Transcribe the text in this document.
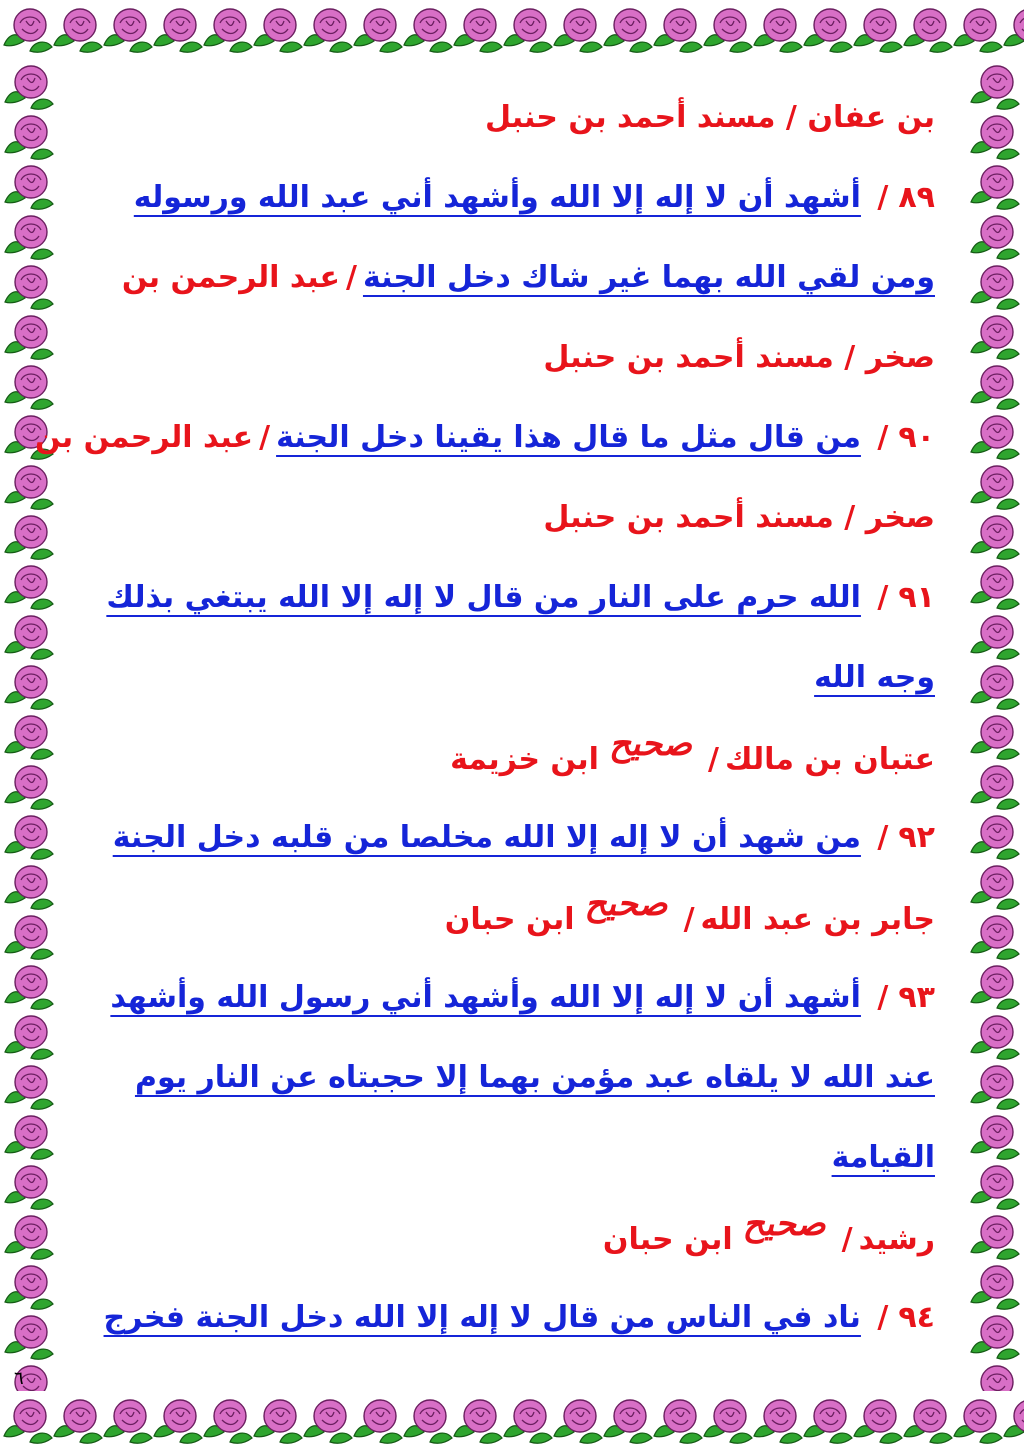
بن عفان / مسند أحمد بن حنبل
٨٩/ أشهد أن لا إله إلا الله وأشهد أني عبد الله ورسوله
ومن لقي الله بهما غير شاك دخل الجنة/عبد الرحمن بن
صخر / مسند أحمد بن حنبل
٩٠/ من قال مثل ما قال هذا يقينا دخل الجنة/عبد الرحمن بن
صخر / مسند أحمد بن حنبل
٩١/ الله حرم على النار من قال لا إله إلا الله يبتغي بذلك
وجه الله
عتبان بن مالك/صحيحابن خزيمة
٩٢/ من شهد أن لا إله إلا الله مخلصا من قلبه دخل الجنة
جابر بن عبد الله/صحيحابن حبان
٩٣/ أشهد أن لا إله إلا الله وأشهد أني رسول الله وأشهد
عند الله لا يلقاه عبد مؤمن بهما إلا حجبتاه عن النار يوم
القيامة
رشيد/صحيحابن حبان
٩٤/ ناد في الناس من قال لا إله إلا الله دخل الجنة فخرج
٦
